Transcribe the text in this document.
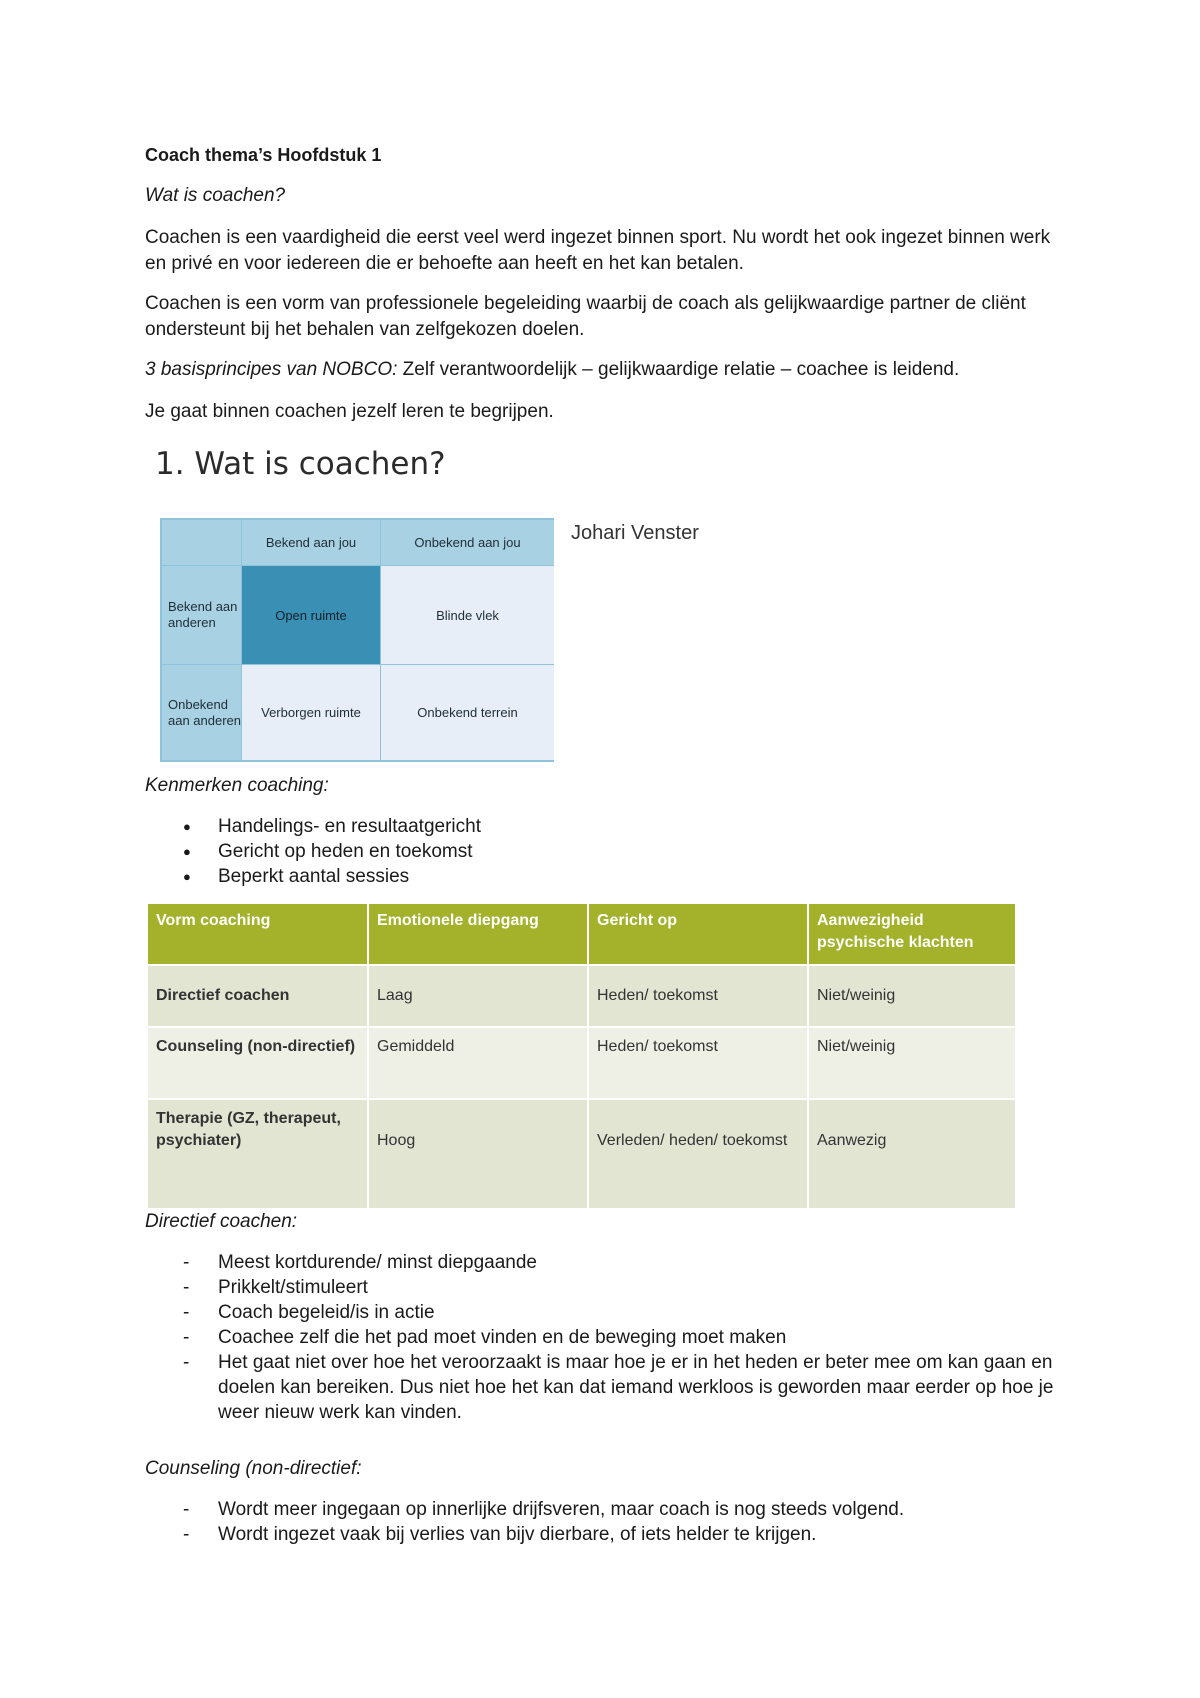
Coach thema’s Hoofdstuk 1
Wat is coachen?
Coachen is een vaardigheid die eerst veel werd ingezet binnen sport. Nu wordt het ook ingezet binnen werk en privé en voor iedereen die er behoefte aan heeft en het kan betalen.
Coachen is een vorm van professionele begeleiding waarbij de coach als gelijkwaardige partner de cliënt ondersteunt bij het behalen van zelfgekozen doelen.
3 basisprincipes van NOBCO: Zelf verantwoordelijk – gelijkwaardige relatie – coachee is leidend.
Je gaat binnen coachen jezelf leren te begrijpen.
1. Wat is coachen?
Bekend aan jou	Onbekend aan jou
Bekend aan anderen	Open ruimte	Blinde vlek
Onbekend aan anderen	Verborgen ruimte	Onbekend terrein
Johari Venster
Kenmerken coaching:
● Handelings- en resultaatgericht
● Gericht op heden en toekomst
● Beperkt aantal sessies
Vorm coaching	Emotionele diepgang	Gericht op	Aanwezigheid psychische klachten
Directief coachen	Laag	Heden/ toekomst	Niet/weinig
Counseling (non-directief)	Gemiddeld	Heden/ toekomst	Niet/weinig
Therapie (GZ, therapeut, psychiater)	Hoog	Verleden/ heden/ toekomst	Aanwezig
Directief coachen:
- Meest kortdurende/ minst diepgaande
- Prikkelt/stimuleert
- Coach begeleid/is in actie
- Coachee zelf die het pad moet vinden en de beweging moet maken
- Het gaat niet over hoe het veroorzaakt is maar hoe je er in het heden er beter mee om kan gaan en doelen kan bereiken. Dus niet hoe het kan dat iemand werkloos is geworden maar eerder op hoe je weer nieuw werk kan vinden.
Counseling (non-directief:
- Wordt meer ingegaan op innerlijke drijfsveren, maar coach is nog steeds volgend.
- Wordt ingezet vaak bij verlies van bijv dierbare, of iets helder te krijgen.
